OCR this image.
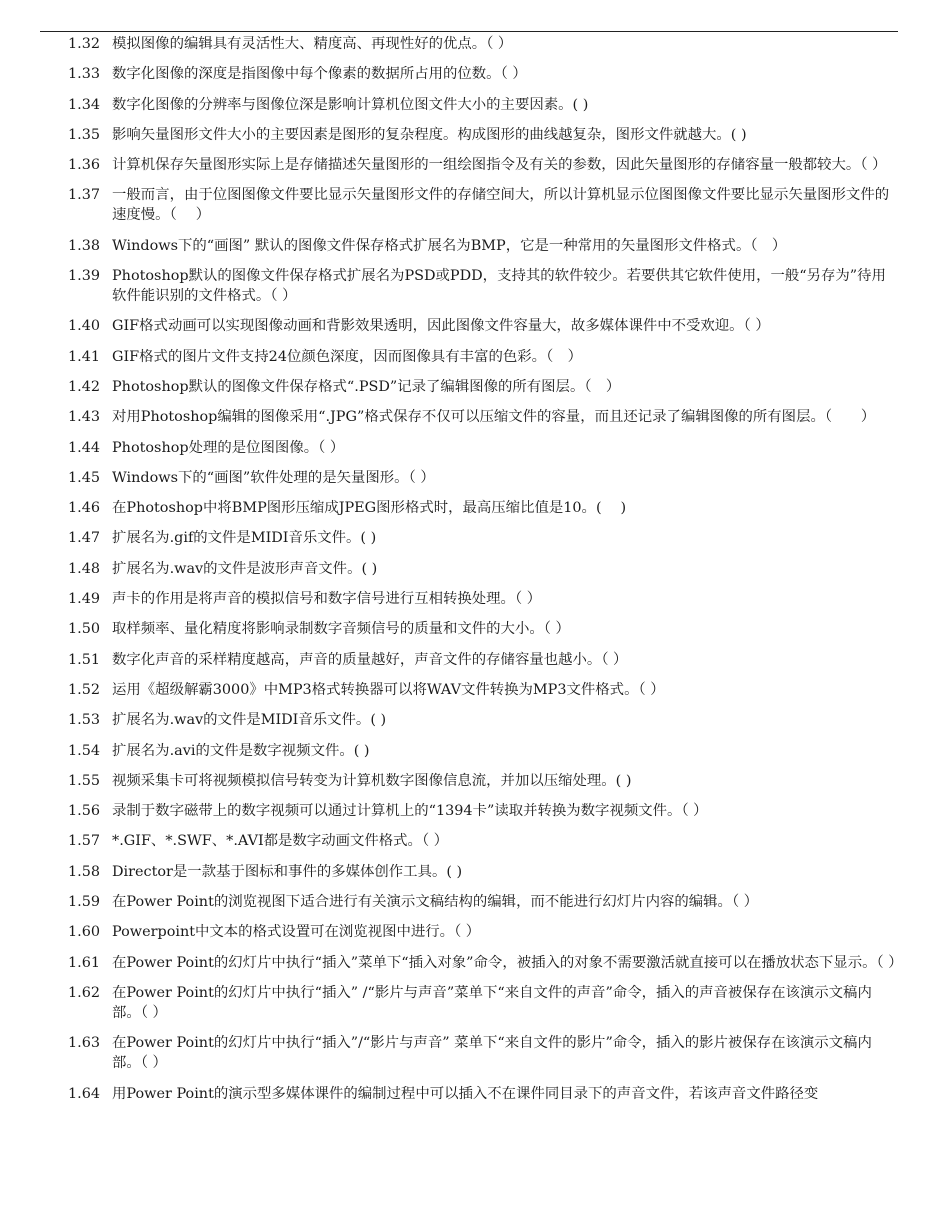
1.32 模拟图像的编辑具有灵活性大、精度高、再现性好的优点。（ ）
1.33 数字化图像的深度是指图像中每个像素的数据所占用的位数。（ ）
1.34 数字化图像的分辨率与图像位深是影响计算机位图文件大小的主要因素。( )
1.35 影响矢量图形文件大小的主要因素是图形的复杂程度。构成图形的曲线越复杂，图形文件就越大。( )
1.36 计算机保存矢量图形实际上是存储描述矢量图形的一组绘图指令及有关的参数，因此矢量图形的存储容量一般都较大。（ ）
1.37 一般而言，由于位图图像文件要比显示矢量图形文件的存储空间大，所以计算机显示位图图像文件要比显示矢量图形文件的速度慢。（　 ）
1.38 Windows下的“画图” 默认的图像文件保存格式扩展名为BMP，它是一种常用的矢量图形文件格式。（　）
1.39 Photoshop默认的图像文件保存格式扩展名为PSD或PDD，支持其的软件较少。若要供其它软件使用，一般“另存为”待用软件能识别的文件格式。（ ）
1.40 GIF格式动画可以实现图像动画和背影效果透明，因此图像文件容量大，故多媒体课件中不受欢迎。（ ）
1.41 GIF格式的图片文件支持24位颜色深度，因而图像具有丰富的色彩。（　）
1.42 Photoshop默认的图像文件保存格式“.PSD”记录了编辑图像的所有图层。（　）
1.43 对用Photoshop编辑的图像采用“.JPG”格式保存不仅可以压缩文件的容量，而且还记录了编辑图像的所有图层。（　　）
1.44 Photoshop处理的是位图图像。（ ）
1.45 Windows下的“画图”软件处理的是矢量图形。（ ）
1.46 在Photoshop中将BMP图形压缩成JPEG图形格式时，最高压缩比值是10。(　 )
1.47 扩展名为.gif的文件是MIDI音乐文件。( )
1.48 扩展名为.wav的文件是波形声音文件。( )
1.49 声卡的作用是将声音的模拟信号和数字信号进行互相转换处理。（ ）
1.50 取样频率、量化精度将影响录制数字音频信号的质量和文件的大小。（ ）
1.51 数字化声音的采样精度越高，声音的质量越好，声音文件的存储容量也越小。（ ）
1.52 运用《超级解霸3000》中MP3格式转换器可以将WAV文件转换为MP3文件格式。（ ）
1.53 扩展名为.wav的文件是MIDI音乐文件。( )
1.54 扩展名为.avi的文件是数字视频文件。( )
1.55 视频采集卡可将视频模拟信号转变为计算机数字图像信息流，并加以压缩处理。( )
1.56 录制于数字磁带上的数字视频可以通过计算机上的“1394卡”读取并转换为数字视频文件。（ ）
1.57 *.GIF、*.SWF、*.AVI都是数字动画文件格式。（ ）
1.58 Director是一款基于图标和事件的多媒体创作工具。( )
1.59 在Power Point的浏览视图下适合进行有关演示文稿结构的编辑，而不能进行幻灯片内容的编辑。（ ）
1.60 Powerpoint中文本的格式设置可在浏览视图中进行。（ ）
1.61 在Power Point的幻灯片中执行“插入”菜单下“插入对象”命令，被插入的对象不需要激活就直接可以在播放状态下显示。（ ）
1.62 在Power Point的幻灯片中执行“插入” /“影片与声音”菜单下“来自文件的声音”命令，插入的声音被保存在该演示文稿内部。（ ）
1.63 在Power Point的幻灯片中执行“插入”/“影片与声音” 菜单下“来自文件的影片”命令，插入的影片被保存在该演示文稿内部。（ ）
1.64 用Power Point的演示型多媒体课件的编制过程中可以插入不在课件同目录下的声音文件，若该声音文件路径变
